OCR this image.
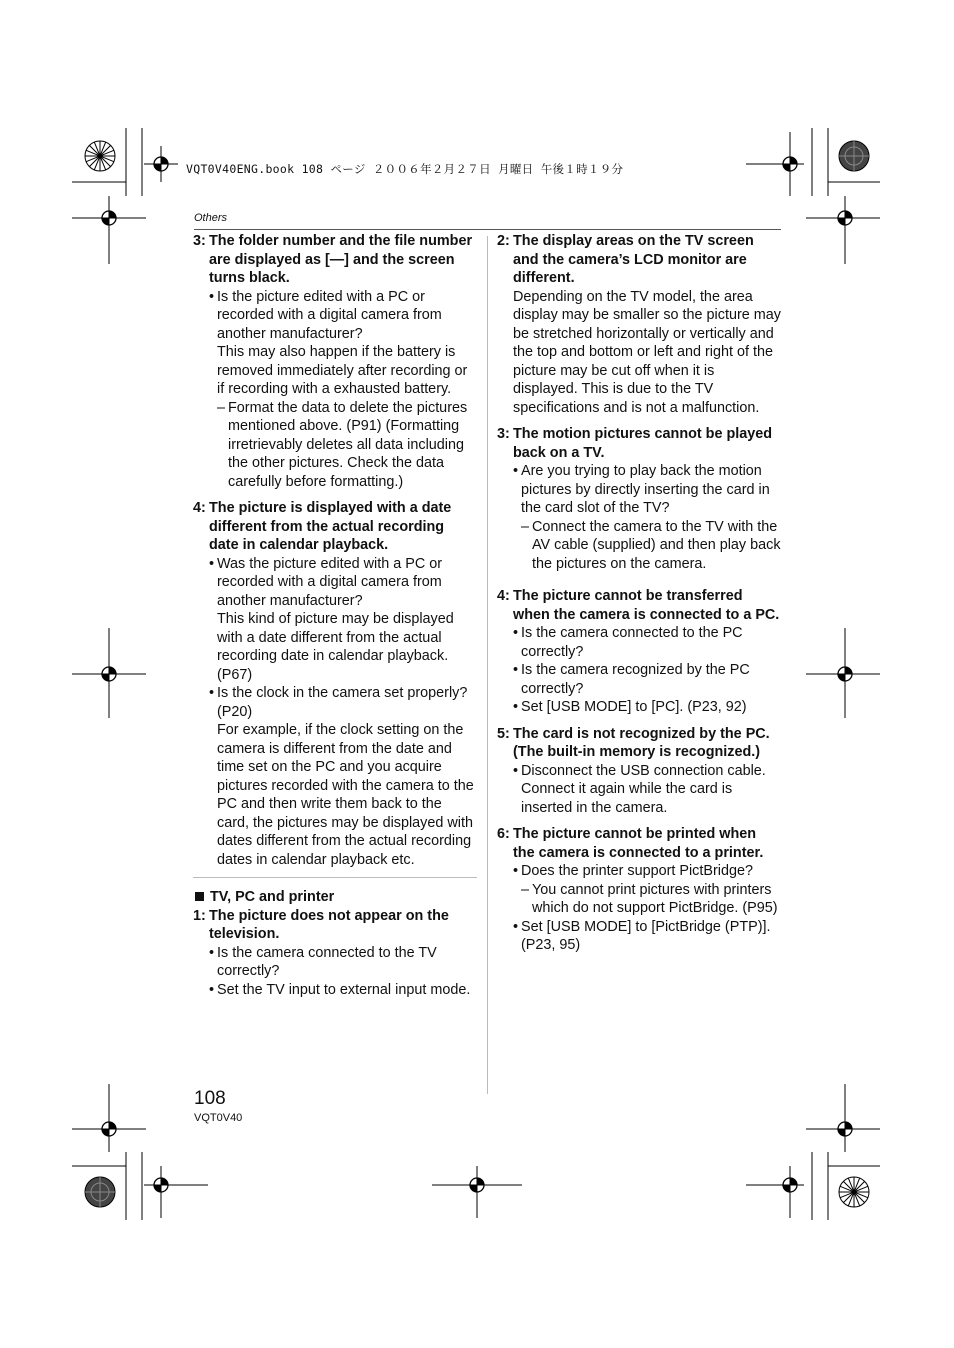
VQT0V40ENG.book 108 ページ ２００６年２月２７日 月曜日 午後１時１９分
Others
3: The folder number and the file number are displayed as [—] and the screen turns black.
• Is the picture edited with a PC or recorded with a digital camera from another manufacturer?
This may also happen if the battery is removed immediately after recording or if recording with a exhausted battery.
– Format the data to delete the pictures mentioned above. (P91) (Formatting irretrievably deletes all data including the other pictures. Check the data carefully before formatting.)
4: The picture is displayed with a date different from the actual recording date in calendar playback.
• Was the picture edited with a PC or recorded with a digital camera from another manufacturer?
This kind of picture may be displayed with a date different from the actual recording date in calendar playback. (P67)
• Is the clock in the camera set properly? (P20)
For example, if the clock setting on the camera is different from the date and time set on the PC and you acquire pictures recorded with the camera to the PC and then write them back to the card, the pictures may be displayed with dates different from the actual recording dates in calendar playback etc.
TV, PC and printer
1: The picture does not appear on the television.
• Is the camera connected to the TV correctly?
• Set the TV input to external input mode.
2: The display areas on the TV screen and the camera’s LCD monitor are different.
Depending on the TV model, the area display may be smaller so the picture may be stretched horizontally or vertically and the top and bottom or left and right of the picture may be cut off when it is displayed. This is due to the TV specifications and is not a malfunction.
3: The motion pictures cannot be played back on a TV.
• Are you trying to play back the motion pictures by directly inserting the card in the card slot of the TV?
– Connect the camera to the TV with the AV cable (supplied) and then play back the pictures on the camera.
4: The picture cannot be transferred when the camera is connected to a PC.
• Is the camera connected to the PC correctly?
• Is the camera recognized by the PC correctly?
• Set [USB MODE] to [PC]. (P23, 92)
5: The card is not recognized by the PC. (The built-in memory is recognized.)
• Disconnect the USB connection cable. Connect it again while the card is inserted in the camera.
6: The picture cannot be printed when the camera is connected to a printer.
• Does the printer support PictBridge?
– You cannot print pictures with printers which do not support PictBridge. (P95)
• Set [USB MODE] to [PictBridge (PTP)]. (P23, 95)
108
VQT0V40
